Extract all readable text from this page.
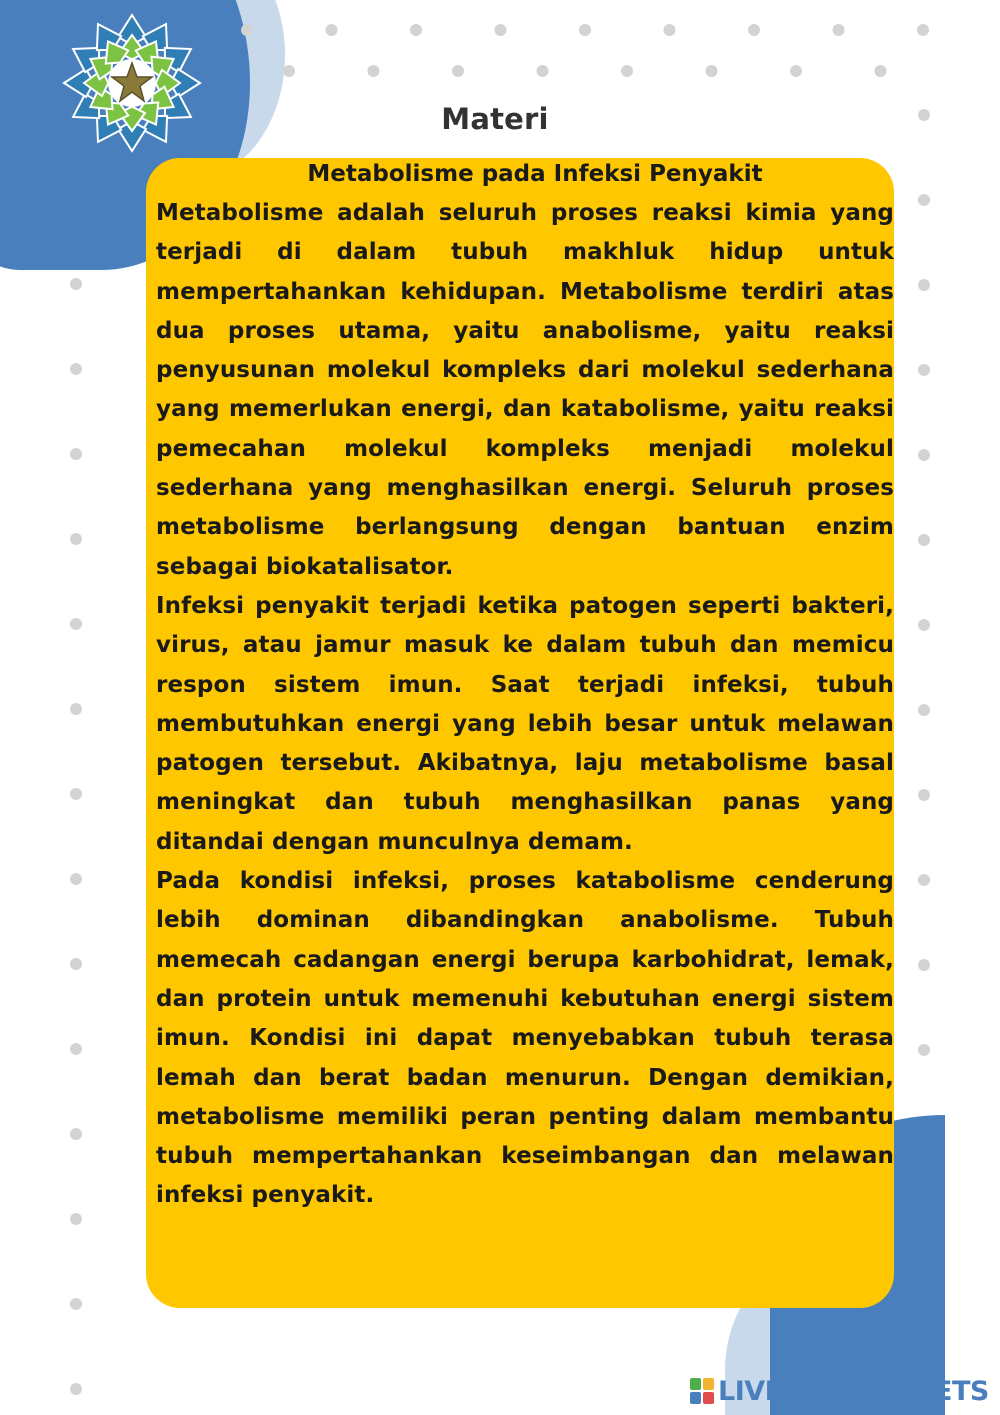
Materi
Metabolisme pada Infeksi Penyakit

Metabolisme adalah seluruh proses reaksi kimia yang terjadi di dalam tubuh makhluk hidup untuk mempertahankan kehidupan. Metabolisme terdiri atas dua proses utama, yaitu anabolisme, yaitu reaksi penyusunan molekul kompleks dari molekul sederhana yang memerlukan energi, dan katabolisme, yaitu reaksi pemecahan molekul kompleks menjadi molekul sederhana yang menghasilkan energi. Seluruh proses metabolisme berlangsung dengan bantuan enzim sebagai biokatalisator.

Infeksi penyakit terjadi ketika patogen seperti bakteri, virus, atau jamur masuk ke dalam tubuh dan memicu respon sistem imun. Saat terjadi infeksi, tubuh membutuhkan energi yang lebih besar untuk melawan patogen tersebut. Akibatnya, laju metabolisme basal meningkat dan tubuh menghasilkan panas yang ditandai dengan munculnya demam.

Pada kondisi infeksi, proses katabolisme cenderung lebih dominan dibandingkan anabolisme. Tubuh memecah cadangan energi berupa karbohidrat, lemak, dan protein untuk memenuhi kebutuhan energi sistem imun. Kondisi ini dapat menyebabkan tubuh terasa lemah dan berat badan menurun. Dengan demikian, metabolisme memiliki peran penting dalam membantu tubuh mempertahankan keseimbangan dan melawan infeksi penyakit.

LIVEWORKSHEETS
